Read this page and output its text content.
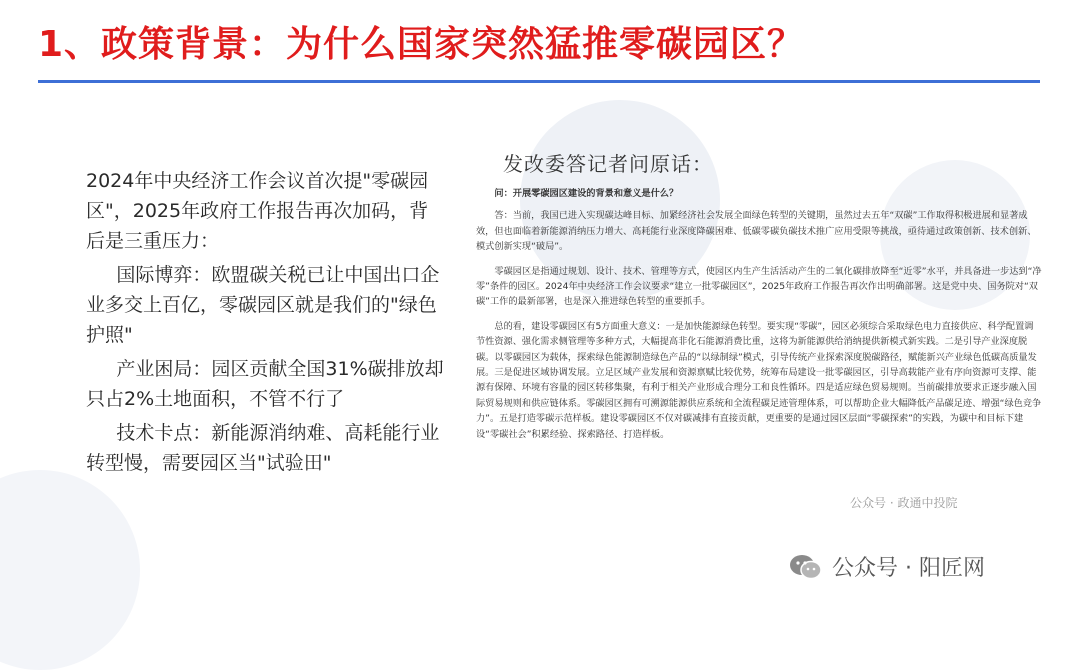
1、政策背景：为什么国家突然猛推零碳园区？

2024年中央经济工作会议首次提"零碳园区"，2025年政府工作报告再次加码，背后是三重压力：

国际博弈：欧盟碳关税已让中国出口企业多交上百亿，零碳园区就是我们的"绿色护照"

产业困局：园区贡献全国31%碳排放却只占2%土地面积，不管不行了

技术卡点：新能源消纳难、高耗能行业转型慢，需要园区当"试验田"

发改委答记者问原话：

问：开展零碳园区建设的背景和意义是什么？

答：当前，我国已进入实现碳达峰目标、加紧经济社会发展全面绿色转型的关键期，虽然过去五年“双碳”工作取得积极进展和显著成效，但也面临着新能源消纳压力增大、高耗能行业深度降碳困难、低碳零碳负碳技术推广应用受限等挑战，亟待通过政策创新、技术创新、模式创新实现“破局”。

零碳园区是指通过规划、设计、技术、管理等方式，使园区内生产生活活动产生的二氧化碳排放降至“近零”水平，并具备进一步达到“净零”条件的园区。2024年中央经济工作会议要求“建立一批零碳园区”，2025年政府工作报告再次作出明确部署。这是党中央、国务院对“双碳”工作的最新部署，也是深入推进绿色转型的重要抓手。

总的看，建设零碳园区有5方面重大意义：一是加快能源绿色转型。要实现“零碳”，园区必须综合采取绿色电力直接供应、科学配置调节性资源、强化需求侧管理等多种方式，大幅提高非化石能源消费比重，这将为新能源供给消纳提供新模式新实践。二是引导产业深度脱碳。以零碳园区为载体，探索绿色能源制造绿色产品的“以绿制绿”模式，引导传统产业探索深度脱碳路径，赋能新兴产业绿色低碳高质量发展。三是促进区域协调发展。立足区域产业发展和资源禀赋比较优势，统筹布局建设一批零碳园区，引导高载能产业有序向资源可支撑、能源有保障、环境有容量的园区转移集聚，有利于相关产业形成合理分工和良性循环。四是适应绿色贸易规则。当前碳排放要求正逐步融入国际贸易规则和供应链体系。零碳园区拥有可溯源能源供应系统和全流程碳足迹管理体系，可以帮助企业大幅降低产品碳足迹、增强“绿色竞争力”。五是打造零碳示范样板。建设零碳园区不仅对碳减排有直接贡献，更重要的是通过园区层面“零碳探索”的实践，为碳中和目标下建设“零碳社会”积累经验、探索路径、打造样板。

公众号 · 政通中投院
公众号 · 阳匠网
